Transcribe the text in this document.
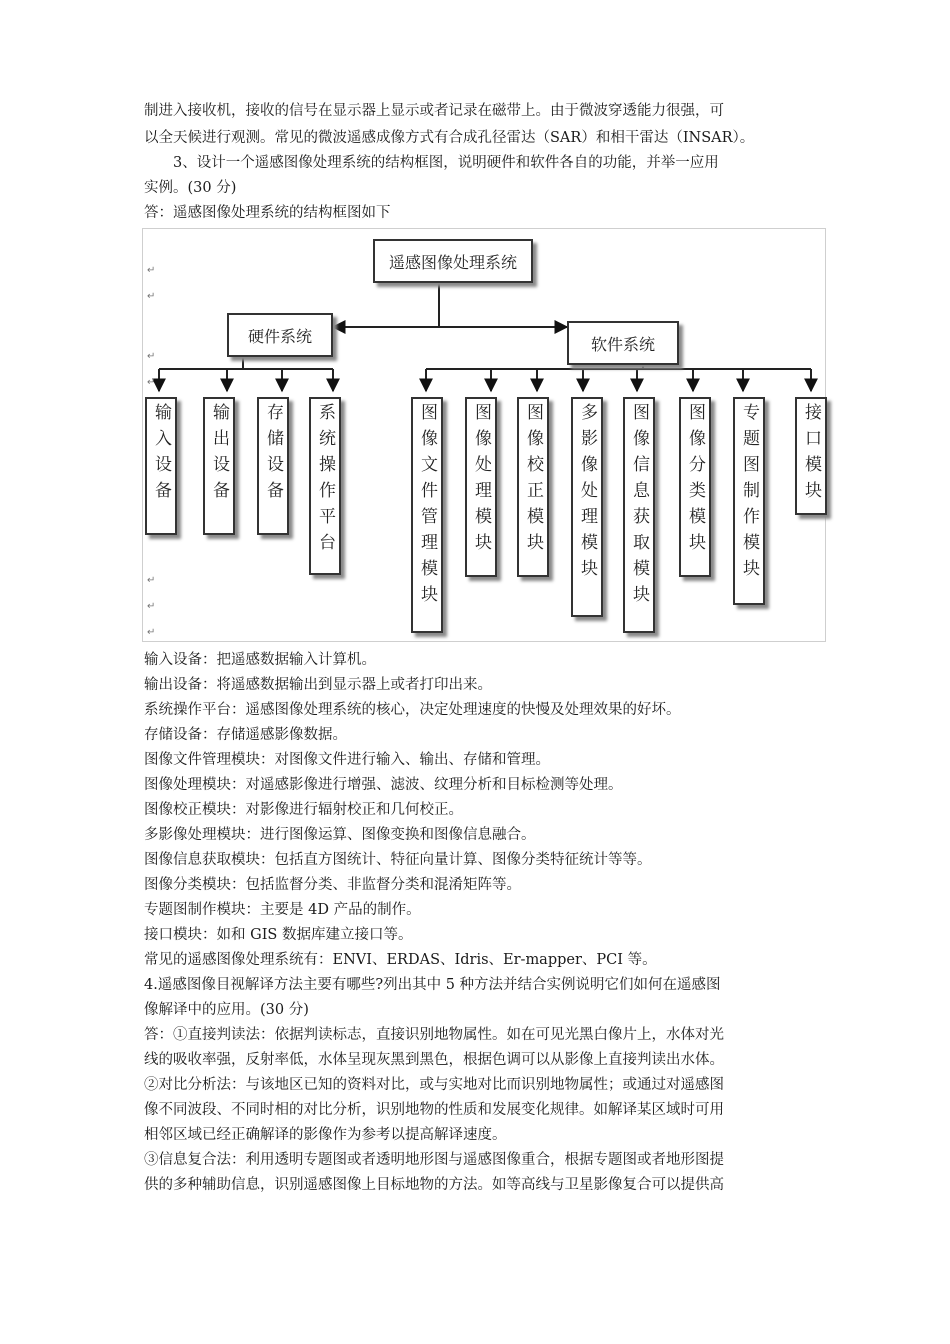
制进入接收机，接收的信号在显示器上显示或者记录在磁带上。由于微波穿透能力很强，可
以全天候进行观测。常见的微波遥感成像方式有合成孔径雷达（SAR）和相干雷达（INSAR）。
　　3、设计一个遥感图像处理系统的结构框图，说明硬件和软件各自的功能，并举一应用
实例。(30 分)
答：遥感图像处理系统的结构框图如下
↵
↵
↵
↵
↵
↵
↵
遥感图像处理系统
硬件系统	软件系统
输入设备	输出设备	存储设备	系统操作平台	图像文件管理模块	图像处理模块	图像校正模块	多影像处理模块	图像信息获取模块	图像分类模块	专题图制作模块	接口模块
输入设备：把遥感数据输入计算机。
输出设备：将遥感数据输出到显示器上或者打印出来。
系统操作平台：遥感图像处理系统的核心，决定处理速度的快慢及处理效果的好坏。
存储设备：存储遥感影像数据。
图像文件管理模块：对图像文件进行输入、输出、存储和管理。
图像处理模块：对遥感影像进行增强、滤波、纹理分析和目标检测等处理。
图像校正模块：对影像进行辐射校正和几何校正。
多影像处理模块：进行图像运算、图像变换和图像信息融合。
图像信息获取模块：包括直方图统计、特征向量计算、图像分类特征统计等等。
图像分类模块：包括监督分类、非监督分类和混淆矩阵等。
专题图制作模块：主要是 4D 产品的制作。
接口模块：如和 GIS 数据库建立接口等。
常见的遥感图像处理系统有：ENVI、ERDAS、Idris、Er-mapper、PCI 等。
4.遥感图像目视解译方法主要有哪些?列出其中 5 种方法并结合实例说明它们如何在遥感图
像解译中的应用。(30 分)
答：①直接判读法：依据判读标志，直接识别地物属性。如在可见光黑白像片上，水体对光
线的吸收率强，反射率低，水体呈现灰黑到黑色，根据色调可以从影像上直接判读出水体。
②对比分析法：与该地区已知的资料对比，或与实地对比而识别地物属性；或通过对遥感图
像不同波段、不同时相的对比分析，识别地物的性质和发展变化规律。如解译某区域时可用
相邻区域已经正确解译的影像作为参考以提高解译速度。
③信息复合法：利用透明专题图或者透明地形图与遥感图像重合，根据专题图或者地形图提
供的多种辅助信息，识别遥感图像上目标地物的方法。如等高线与卫星影像复合可以提供高
